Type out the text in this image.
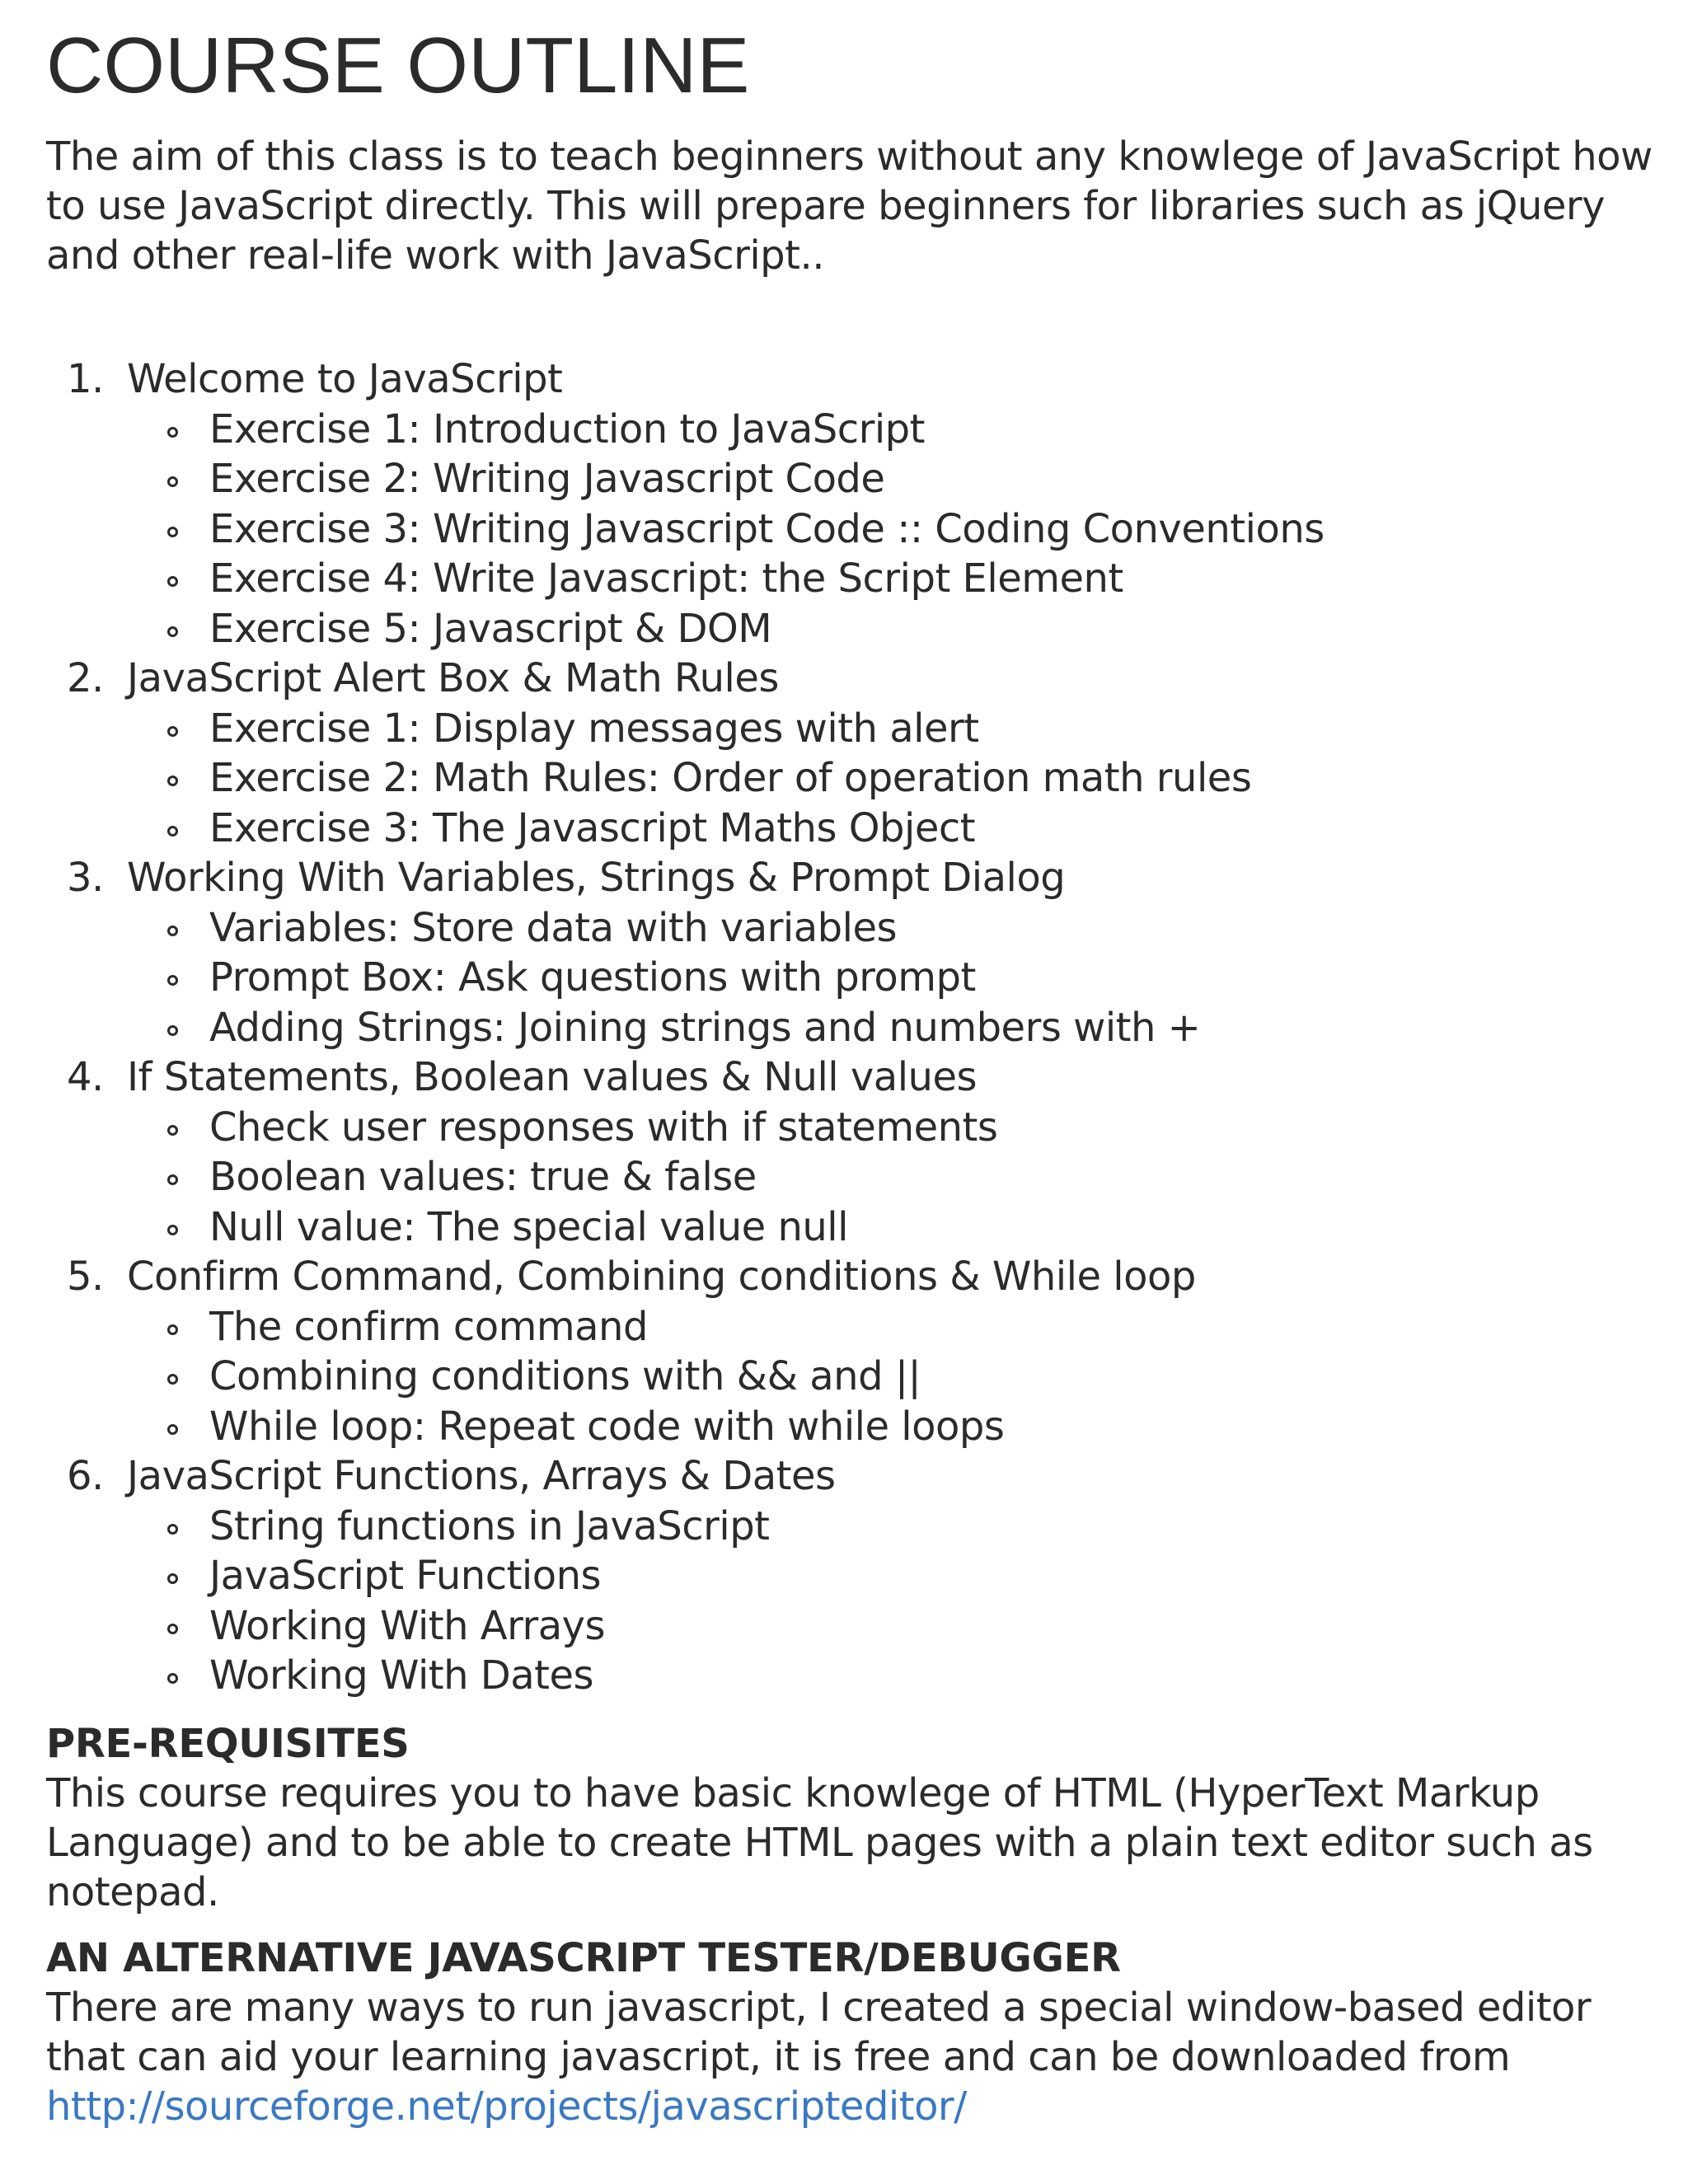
COURSE OUTLINE

The aim of this class is to teach beginners without any knowlege of JavaScript how to use JavaScript directly. This will prepare beginners for libraries such as jQuery and other real-life work with JavaScript..

1. Welcome to JavaScript
Exercise 1: Introduction to JavaScript
Exercise 2: Writing Javascript Code
Exercise 3: Writing Javascript Code :: Coding Conventions
Exercise 4: Write Javascript: the Script Element
Exercise 5: Javascript & DOM
2. JavaScript Alert Box & Math Rules
Exercise 1: Display messages with alert
Exercise 2: Math Rules: Order of operation math rules
Exercise 3: The Javascript Maths Object
3. Working With Variables, Strings & Prompt Dialog
Variables: Store data with variables
Prompt Box: Ask questions with prompt
Adding Strings: Joining strings and numbers with +
4. If Statements, Boolean values & Null values
Check user responses with if statements
Boolean values: true & false
Null value: The special value null
5. Confirm Command, Combining conditions & While loop
The confirm command
Combining conditions with && and ||
While loop: Repeat code with while loops
6. JavaScript Functions, Arrays & Dates
String functions in JavaScript
JavaScript Functions
Working With Arrays
Working With Dates
PRE-REQUISITES

This course requires you to have basic knowlege of HTML (HyperText Markup Language) and to be able to create HTML pages with a plain text editor such as notepad.

AN ALTERNATIVE JAVASCRIPT TESTER/DEBUGGER

There are many ways to run javascript, I created a special window-based editor that can aid your learning javascript, it is free and can be downloaded from
http://sourceforge.net/projects/javascripteditor/
